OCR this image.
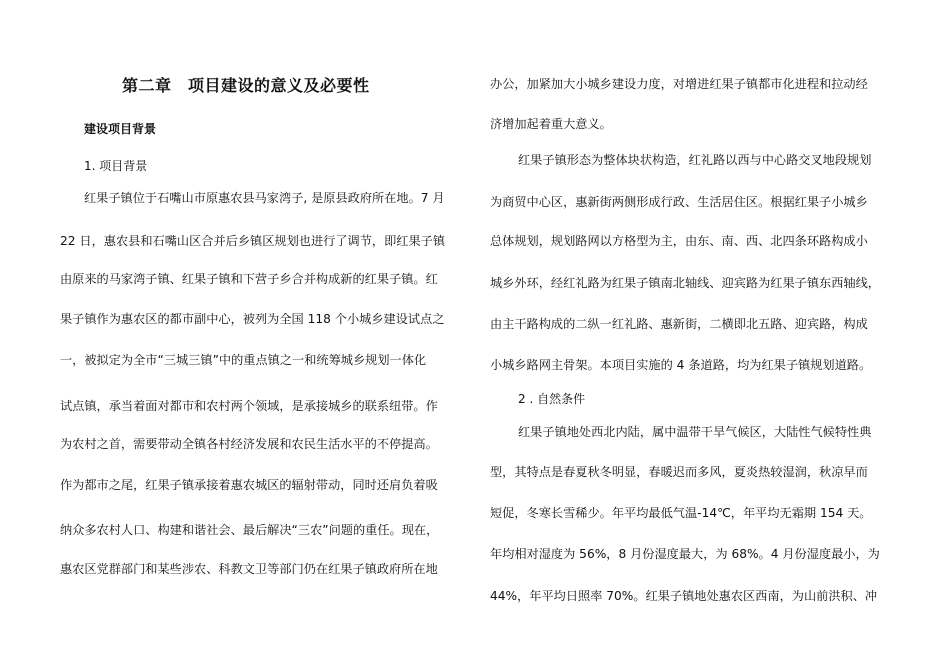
第二章　项目建设的意义及必要性
建设项目背景
1. 项目背景
红果子镇位于石嘴山市原惠农县马家湾子, 是原县政府所在地。7 月
22 日，惠农县和石嘴山区合并后乡镇区规划也进行了调节，即红果子镇
由原来的马家湾子镇、红果子镇和下营子乡合并构成新的红果子镇。红
果子镇作为惠农区的都市副中心，被列为全国 118 个小城乡建设试点之
一，被拟定为全市“三城三镇”中的重点镇之一和统筹城乡规划一体化
试点镇，承当着面对都市和农村两个领域，是承接城乡的联系纽带。作
为农村之首，需要带动全镇各村经济发展和农民生活水平的不停提高。
作为都市之尾，红果子镇承接着惠农城区的辐射带动，同时还肩负着吸
纳众多农村人口、构建和谐社会、最后解决“三农”问题的重任。现在，
惠农区党群部门和某些涉农、科教文卫等部门仍在红果子镇政府所在地
办公，加紧加大小城乡建设力度，对增进红果子镇都市化进程和拉动经
济增加起着重大意义。
红果子镇形态为整体块状构造，红礼路以西与中心路交叉地段规划
为商贸中心区，惠新街两侧形成行政、生活居住区。根据红果子小城乡
总体规划，规划路网以方格型为主，由东、南、西、北四条环路构成小
城乡外环，经红礼路为红果子镇南北轴线、迎宾路为红果子镇东西轴线，
由主干路构成的二纵一红礼路、惠新街，二横即北五路、迎宾路，构成
小城乡路网主骨架。本项目实施的 4 条道路，均为红果子镇规划道路。
2 . 自然条件
红果子镇地处西北内陆，属中温带干旱气候区，大陆性气候特性典
型，其特点是春夏秋冬明显，春暖迟而多风，夏炎热较湿润，秋凉早而
短促，冬寒长雪稀少。年平均最低气温-14℃，年平均无霜期 154 天。
年均相对湿度为 56%，8 月份湿度最大，为 68%。4 月份湿度最小，为
44%，年平均日照率 70%。红果子镇地处惠农区西南，为山前洪积、冲
